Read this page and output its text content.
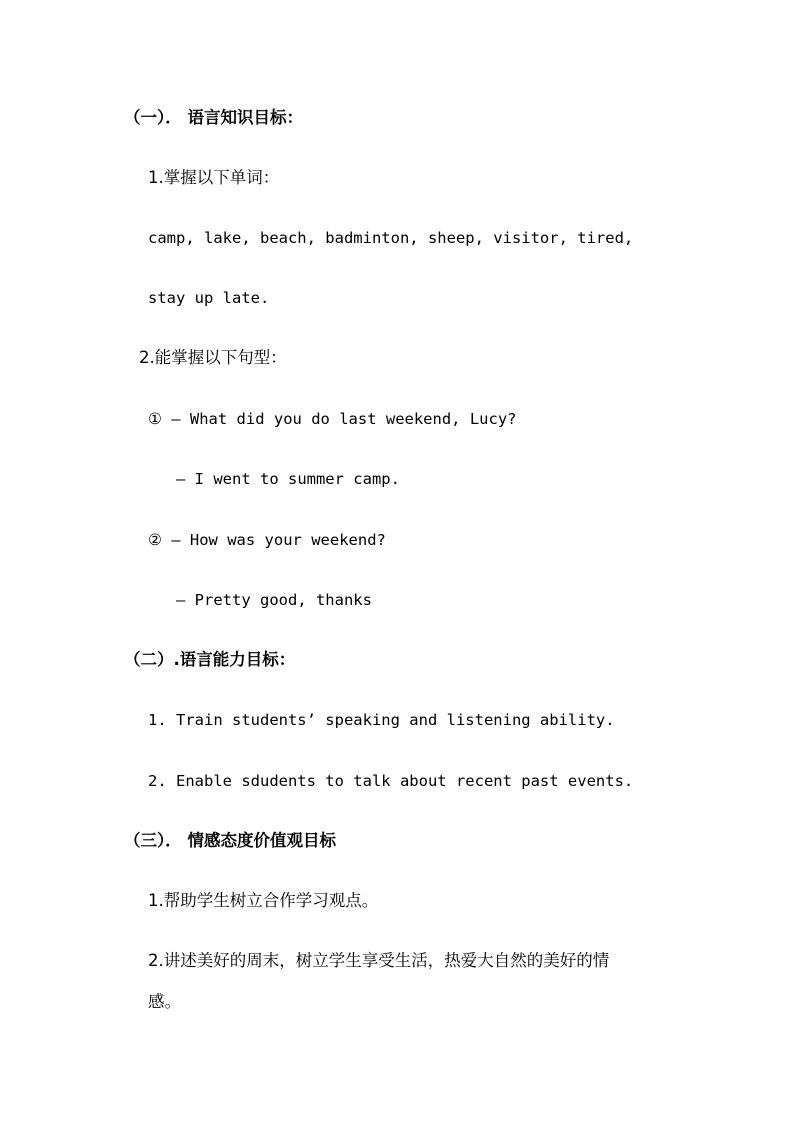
（一）． 语言知识目标：
1.掌握以下单词：
camp, lake, beach, badminton, sheep, visitor, tired,
stay up late.
2.能掌握以下句型：
① — What did you do last weekend, Lucy?
— I went to summer camp.
② — How was your weekend?
— Pretty good, thanks
（二）.语言能力目标：
1. Train students’ speaking and listening ability.
2. Enable sdudents to talk about recent past events.
（三）． 情感态度价值观目标
1.帮助学生树立合作学习观点。
2.讲述美好的周末，树立学生享受生活，热爱大自然的美好的情
感。
